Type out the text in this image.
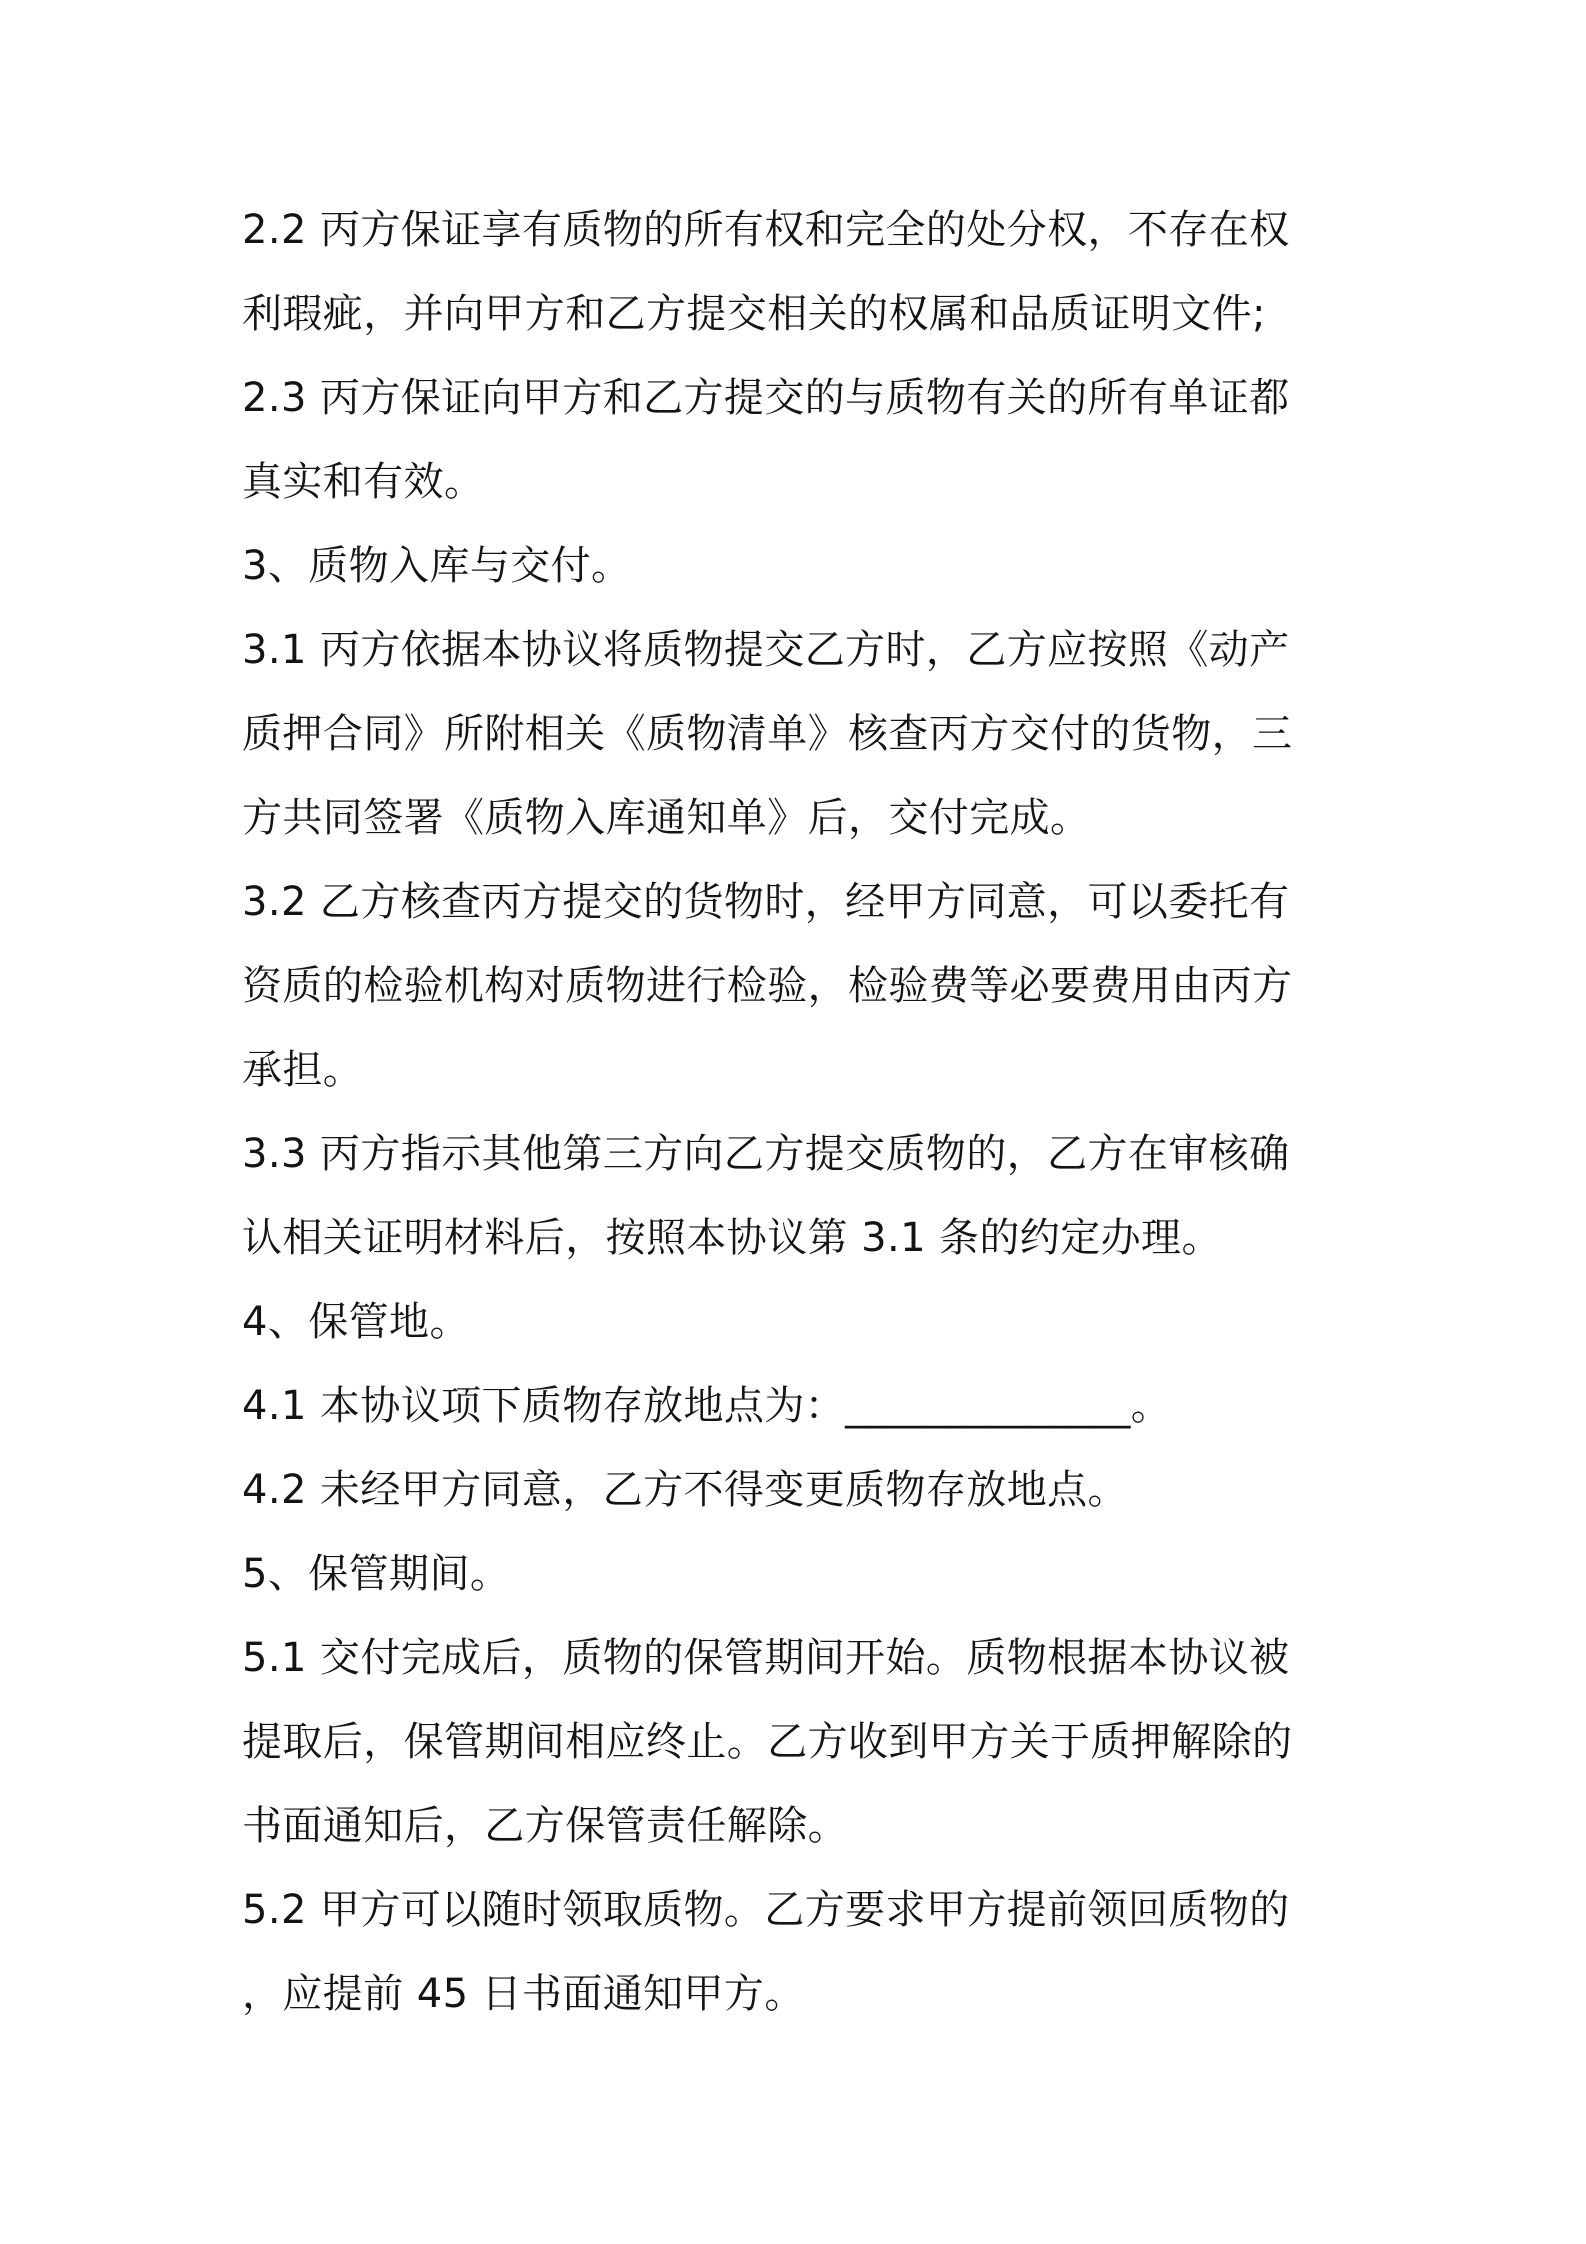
2.2 丙方保证享有质物的所有权和完全的处分权，不存在权
利瑕疵，并向甲方和乙方提交相关的权属和品质证明文件;
2.3 丙方保证向甲方和乙方提交的与质物有关的所有单证都
真实和有效。
3、质物入库与交付。
3.1 丙方依据本协议将质物提交乙方时，乙方应按照《动产
质押合同》所附相关《质物清单》核查丙方交付的货物，三
方共同签署《质物入库通知单》后，交付完成。
3.2 乙方核查丙方提交的货物时，经甲方同意，可以委托有
资质的检验机构对质物进行检验，检验费等必要费用由丙方
承担。
3.3 丙方指示其他第三方向乙方提交质物的，乙方在审核确
认相关证明材料后，按照本协议第 3.1 条的约定办理。
4、保管地。
4.1 本协议项下质物存放地点为：______________。
4.2 未经甲方同意，乙方不得变更质物存放地点。
5、保管期间。
5.1 交付完成后，质物的保管期间开始。质物根据本协议被
提取后，保管期间相应终止。乙方收到甲方关于质押解除的
书面通知后，乙方保管责任解除。
5.2 甲方可以随时领取质物。乙方要求甲方提前领回质物的
，应提前 45 日书面通知甲方。
